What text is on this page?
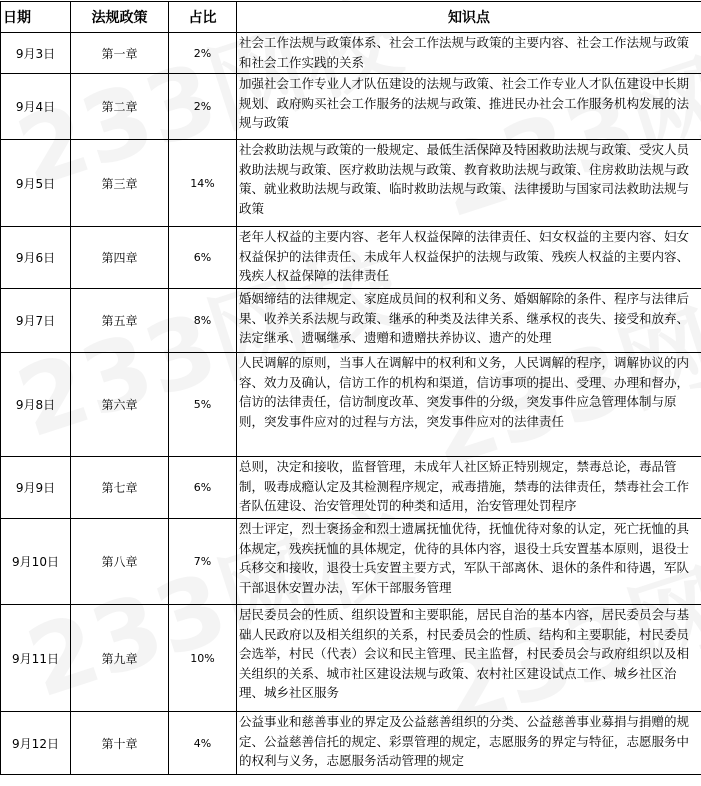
日期	法规政策	占比	知识点
9月3日	第一章	2%	社会工作法规与政策体系、社会工作法规与政策的主要内容、社会工作法规与政策和社会工作实践的关系
9月4日	第二章	2%	加强社会工作专业人才队伍建设的法规与政策、社会工作专业人才队伍建设中长期规划、政府购买社会工作服务的法规与政策、推进民办社会工作服务机构发展的法规与政策
9月5日	第三章	14%	社会救助法规与政策的一般规定、最低生活保障及特困救助法规与政策、受灾人员救助法规与政策、医疗救助法规与政策、教育救助法规与政策、住房救助法规与政策、就业救助法规与政策、临时救助法规与政策、法律援助与国家司法救助法规与政策
9月6日	第四章	6%	老年人权益的主要内容、老年人权益保障的法律责任、妇女权益的主要内容、妇女权益保护的法律责任、未成年人权益保护的法规与政策、残疾人权益的主要内容、残疾人权益保障的法律责任
9月7日	第五章	8%	婚姻缔结的法律规定、家庭成员间的权利和义务、婚姻解除的条件、程序与法律后果、收养关系法规与政策、继承的种类及法律关系、继承权的丧失、接受和放弃、法定继承、遗嘱继承、遗赠和遗赠扶养协议、遗产的处理
9月8日	第六章	5%	人民调解的原则，当事人在调解中的权利和义务，人民调解的程序，调解协议的内容、效力及确认，信访工作的机构和渠道，信访事项的提出、受理、办理和督办，信访的法律责任，信访制度改革、突发事件的分级，突发事件应急管理体制与原则，突发事件应对的过程与方法，突发事件应对的法律责任
9月9日	第七章	6%	总则，决定和接收，监督管理，未成年人社区矫正特别规定，禁毒总论，毒品管制，吸毒成瘾认定及其检测程序规定，戒毒措施，禁毒的法律责任，禁毒社会工作者队伍建设、治安管理处罚的种类和适用，治安管理处罚程序
9月10日	第八章	7%	烈士评定，烈士褒扬金和烈士遗属抚恤优待，抚恤优待对象的认定，死亡抚恤的具体规定，残疾抚恤的具体规定，优待的具体内容，退役士兵安置基本原则，退役士兵移交和接收，退役士兵安置主要方式，军队干部离休、退休的条件和待遇，军队干部退休安置办法，军休干部服务管理
9月11日	第九章	10%	居民委员会的性质、组织设置和主要职能，居民自治的基本内容，居民委员会与基础人民政府以及相关组织的关系，村民委员会的性质、结构和主要职能，村民委员会选举，村民（代表）会议和民主管理、民主监督，村民委员会与政府组织以及相关组织的关系、城市社区建设法规与政策、农村社区建设试点工作、城乡社区治理、城乡社区服务
9月12日	第十章	4%	公益事业和慈善事业的界定及公益慈善组织的分类、公益慈善事业募捐与捐赠的规定、公益慈善信托的规定、彩票管理的规定，志愿服务的界定与特征，志愿服务中的权利与义务，志愿服务活动管理的规定
